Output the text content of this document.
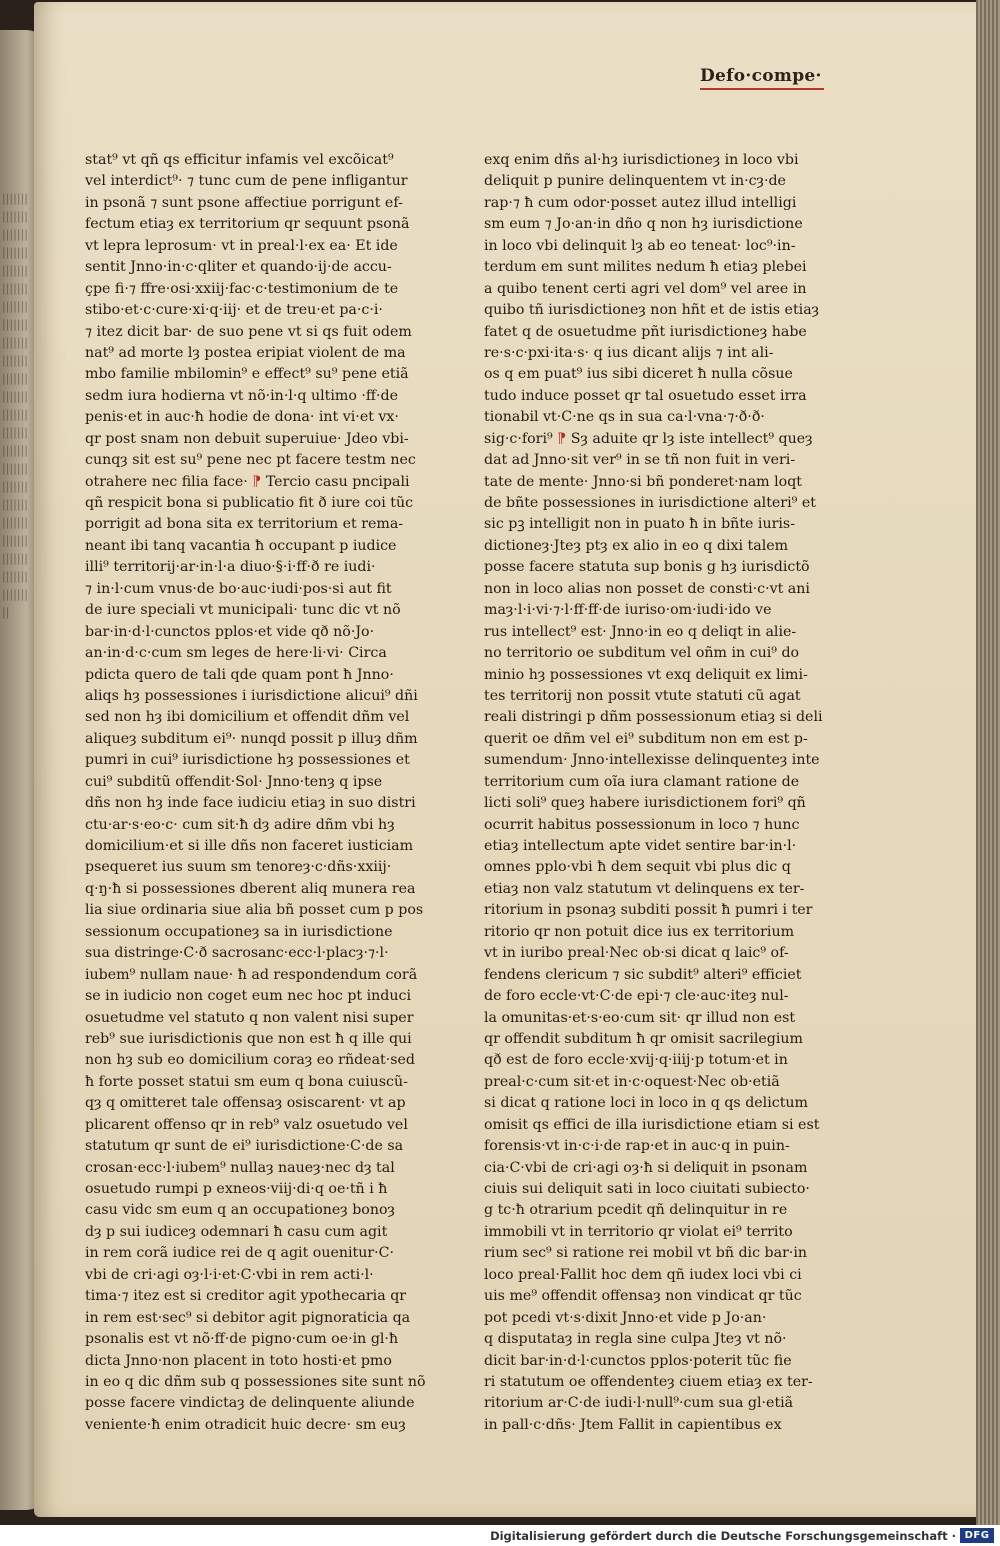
|||||||||||||||||||||||||||||||||||||||||||||||||||||||||||||||||||||||||||||||||||||||||||||||||||||||||||||||||||||||||||||||||||||||||||||||||||||||||||||||||||
Defo·compe·
stat⁹ vt qñ qs efficitur infamis vel excõicat⁹
vel interdict⁹· ⁊ tunc cum de pene infligantur
in psonã ⁊ sunt psone affectiue porrigunt ef-
fectum etiaȝ ex territorium qr sequunt psonã
vt lepra leprosum· vt in preal·l·ex ea· Et ide
sentit Jnno·in·c·qliter et quando·ij·de accu-
ҫpe fi·⁊ ffre·osi·xxiij·fac·c·testimonium de te
stibo·et·c·cure·xi·q·iij· et de treu·et pa·c·i·
⁊ itez dicit bar· de suo pene vt si qs fuit odem
nat⁹ ad morte lȝ postea eripiat violent de ma
mbo familie mbilomin⁹ e effect⁹ su⁹ pene etiã
sedm iura hodierna vt nõ·in·l·q ultimo ·ff·de
penis·et in auc·ħ hodie de dona· int vi·et vx·
qr post snam non debuit superuiue· Jdeo vbi-
cunqȝ sit est su⁹ pene nec pt facere testm nec
otrahere nec filia face· ⁋ Tercio casu pncipali
qñ respicit bona si publicatio fit ð iure coi tũc
porrigit ad bona sita ex territorium et rema-
neant ibi tanq vacantia ħ occupant p iudice
illi⁹ territorij·ar·in·l·a diuo·§·i·ff·ð re iudi·
⁊ in·l·cum vnus·de bo·auc·iudi·pos·si aut fit
de iure speciali vt municipali· tunc dic vt nõ
bar·in·d·l·cunctos pplos·et vide qð nõ·Jo·
an·in·d·c·cum sm leges de here·li·vi· Circa
pdicta quero de tali qde quam pont ħ Jnno·
aliqs hȝ possessiones i iurisdictione alicui⁹ dñi
sed non hȝ ibi domicilium et offendit dñm vel
aliqueȝ subditum ei⁹· nunqd possit p illuȝ dñm
pumri in cui⁹ iurisdictione hȝ possessiones et
cui⁹ subditũ offendit·Sol· Jnno·tenȝ q ipse
dñs non hȝ inde face iudiciu etiaȝ in suo distri
ctu·ar·s·eo·c· cum sit·ħ dȝ adire dñm vbi hȝ
domicilium·et si ille dñs non faceret iusticiam
psequeret ius suum sm tenoreȝ·c·dñs·xxiij·
q·ŋ·ħ si possessiones dberent aliq munera rea
lia siue ordinaria siue alia bñ posset cum p pos
sessionum occupationeȝ sa in iurisdictione
sua distringe·C·ð sacrosanc·ecc·l·placȝ·⁊·l·
iubem⁹ nullam naue· ħ ad respondendum corã
se in iudicio non coget eum nec hoc pt induci
osuetudme vel statuto q non valent nisi super
reb⁹ sue iurisdictionis que non est ħ q ille qui
non hȝ sub eo domicilium coraȝ eo rñdeat·sed
ħ forte posset statui sm eum q bona cuiuscũ-
qȝ q omitteret tale offensaȝ osiscarent· vt ap
plicarent offenso qr in reb⁹ valz osuetudo vel
statutum qr sunt de ei⁹ iurisdictione·C·de sa
crosan·ecc·l·iubem⁹ nullaȝ naueȝ·nec dȝ tal
osuetudo rumpi p exneos·viij·di·q oe·tñ i ħ
casu vidc sm eum q an occupationeȝ bonoȝ
dȝ p sui iudiceȝ odemnari ħ casu cum agit
in rem corã iudice rei de q agit ouenitur·C·
vbi de cri·agi oȝ·l·i·et·C·vbi in rem acti·l·
tima·⁊ itez est si creditor agit ypothecaria qr
in rem est·sec⁹ si debitor agit pignoraticia qa
psonalis est vt nõ·ff·de pigno·cum oe·in gl·ħ
dicta Jnno·non placent in toto hosti·et pmo
in eo q dic dñm sub q possessiones site sunt nõ
posse facere vindictaȝ de delinquente aliunde
veniente·ħ enim otradicit huic decre· sm euȝ
exq enim dñs al·hȝ iurisdictioneȝ in loco vbi
deliquit p punire delinquentem vt in·cȝ·de
rap·⁊ ħ cum odor·posset autez illud intelligi
sm eum ⁊ Jo·an·in dño q non hȝ iurisdictione
in loco vbi delinquit lȝ ab eo teneat· loc⁹·in-
terdum em sunt milites nedum ħ etiaȝ plebei
a quibo tenent certi agri vel dom⁹ vel aree in
quibo tñ iurisdictioneȝ non hñt et de istis etiaȝ
fatet q de osuetudme pñt iurisdictioneȝ habe
re·s·c·pxi·ita·s· q ius dicant alijs ⁊ int ali-
os q em puat⁹ ius sibi diceret ħ nulla cõsue
tudo induce posset qr tal osuetudo esset irra
tionabil vt·C·ne qs in sua ca·l·vna·⁊·ð·ð·
sig·c·fori⁹ ⁋ Sȝ aduite qr lȝ iste intellect⁹ queȝ
dat ad Jnno·sit ver⁹ in se tñ non fuit in veri-
tate de mente· Jnno·si bñ ponderet·nam loqt
de bñte possessiones in iurisdictione alteri⁹ et
sic pꝫ intelligit non in puato ħ in bñte iuris-
dictioneȝ·Jteȝ ptȝ ex alio in eo q dixi talem
posse facere statuta sup bonis g hȝ iurisdictõ
non in loco alias non posset de consti·c·vt ani
maȝ·l·i·vi·⁊·l·ff·ff·de iuriso·om·iudi·ido ve
rus intellect⁹ est· Jnno·in eo q deliqt in alie-
no territorio oe subditum vel oñm in cui⁹ do
minio hȝ possessiones vt exq deliquit ex limi-
tes territorij non possit vtute statuti cũ agat
reali distringi p dñm possessionum etiaȝ si deli
querit oe dñm vel ei⁹ subditum non em est p-
sumendum· Jnno·intellexisse delinquenteȝ inte
territorium cum oĩa iura clamant ratione de
licti soli⁹ queȝ habere iurisdictionem fori⁹ qñ
ocurrit habitus possessionum in loco ⁊ hunc
etiaȝ intellectum apte videt sentire bar·in·l·
omnes pplo·vbi ħ dem sequit vbi plus dic q
etiaȝ non valz statutum vt delinquens ex ter-
ritorium in psonaȝ subditi possit ħ pumri i ter
ritorio qr non potuit dice ius ex territorium
vt in iuribo preal·Nec ob·si dicat q laic⁹ of-
fendens clericum ⁊ sic subdit⁹ alteri⁹ efficiet
de foro eccle·vt·C·de epi·⁊ cle·auc·iteȝ nul-
la omunitas·et·s·eo·cum sit· qr illud non est
qr offendit subditum ħ qr omisit sacrilegium
qð est de foro eccle·xvij·q·iiij·p totum·et in
preal·c·cum sit·et in·c·oquest·Nec ob·etiã
si dicat q ratione loci in loco in q qs delictum
omisit qs effici de illa iurisdictione etiam si est
forensis·vt in·c·i·de rap·et in auc·q in puin-
cia·C·vbi de cri·agi oȝ·ħ si deliquit in psonam
ciuis sui deliquit sati in loco ciuitati subiecto·
g tc·ħ otrarium pcedit qñ delinquitur in re
immobili vt in territorio qr violat ei⁹ territo
rium sec⁹ si ratione rei mobil vt bñ dic bar·in
loco preal·Fallit hoc dem qñ iudex loci vbi ci
uis me⁹ offendit offensaȝ non vindicat qr tũc
pot pcedi vt·s·dixit Jnno·et vide p Jo·an·
q disputataȝ in regla sine culpa Jteȝ vt nõ·
dicit bar·in·d·l·cunctos pplos·poterit tũc fie
ri statutum oe offendenteȝ ciuem etiaȝ ex ter-
ritorium ar·C·de iudi·l·null⁹·cum sua gl·etiã
in pall·c·dñs· Jtem Fallit in capientibus ex
Digitalisierung gefördert durch die Deutsche Forschungsgemeinschaft · DFG
